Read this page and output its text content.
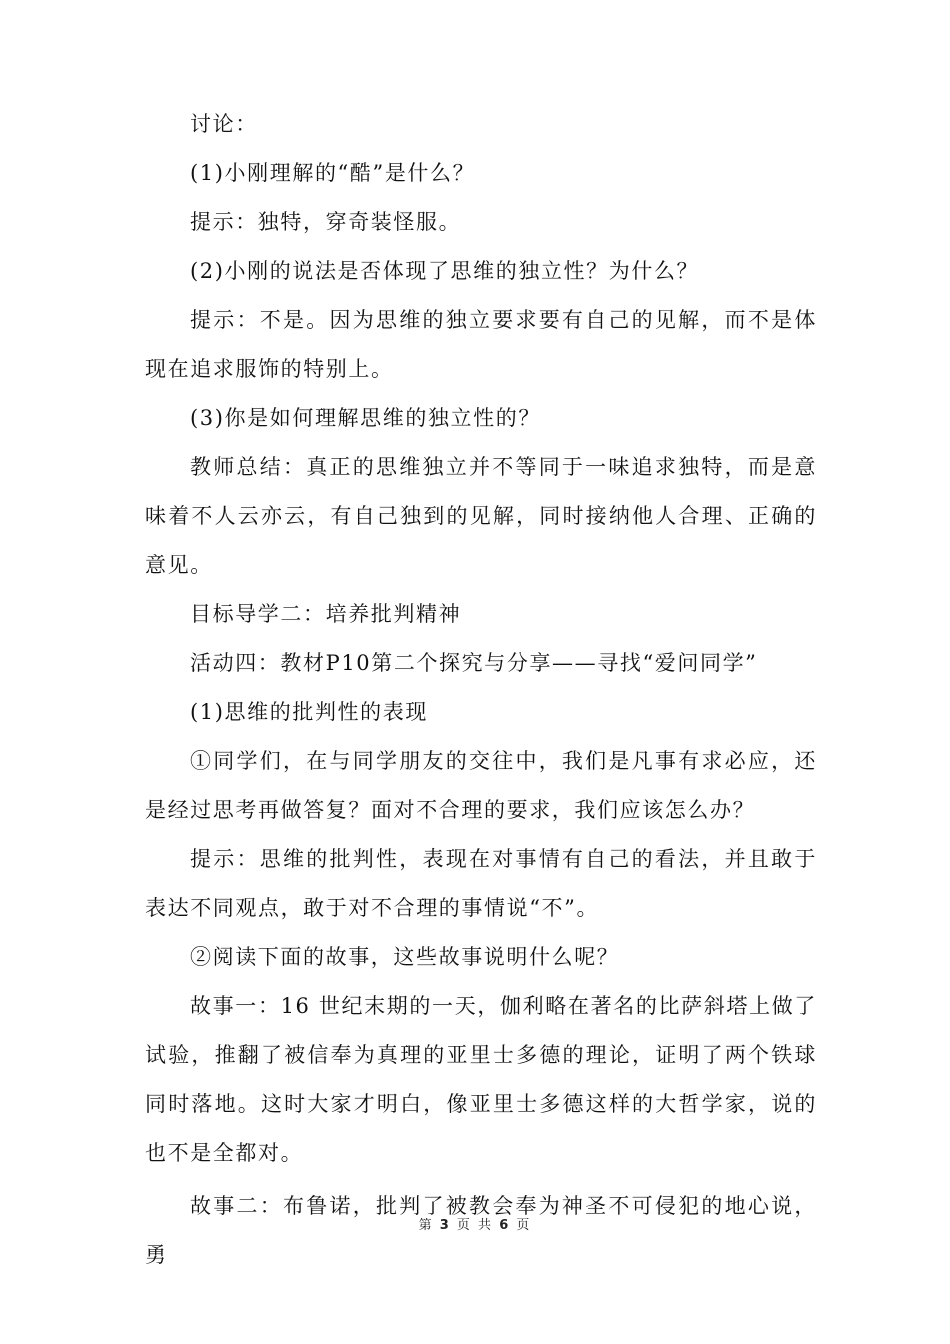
讨论：

(1)小刚理解的“酷”是什么？

提示：独特，穿奇装怪服。

(2)小刚的说法是否体现了思维的独立性？为什么？

提示：不是。因为思维的独立要求要有自己的见解，而不是体现在追求服饰的特别上。

(3)你是如何理解思维的独立性的？

教师总结：真正的思维独立并不等同于一味追求独特，而是意味着不人云亦云，有自己独到的见解，同时接纳他人合理、正确的意见。

目标导学二：培养批判精神

活动四：教材P10第二个探究与分享——寻找“爱问同学”

(1)思维的批判性的表现

①同学们，在与同学朋友的交往中，我们是凡事有求必应，还是经过思考再做答复？面对不合理的要求，我们应该怎么办？

提示：思维的批判性，表现在对事情有自己的看法，并且敢于表达不同观点，敢于对不合理的事情说“不”。

②阅读下面的故事，这些故事说明什么呢？

故事一：16 世纪末期的一天，伽利略在著名的比萨斜塔上做了试验，推翻了被信奉为真理的亚里士多德的理论，证明了两个铁球同时落地。这时大家才明白，像亚里士多德这样的大哲学家，说的也不是全都对。

故事二：布鲁诺，批判了被教会奉为神圣不可侵犯的地心说，勇

第 3 页 共 6 页
